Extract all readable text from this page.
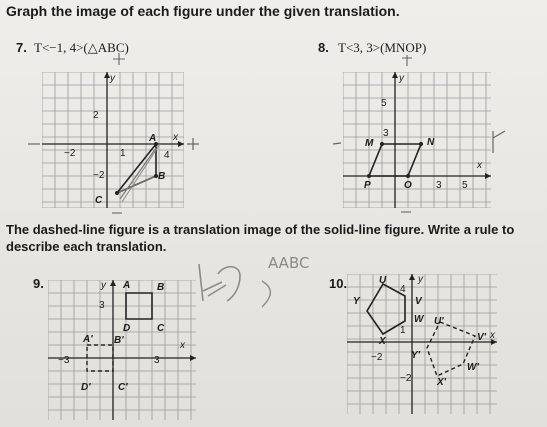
Graph the image of each figure under the given translation.
7. T<−1, 4>(△ABC)	8. T<3, 3>(MNOP)
y
x
2
−2	1	4
−2
A
B
C
y
x
5
3
3 5
M	N
O
P
The dashed-line figure is a translation image of the solid-line figure. Write a rule to describe each translation.
9.	y
x
3
−3	3
A	B
C
D
A' B'
C'
D'
10.	y
x
4
1
−2
−2
U
V
W
X
Y
U'
V'
W'
X'
Y'
AABC
